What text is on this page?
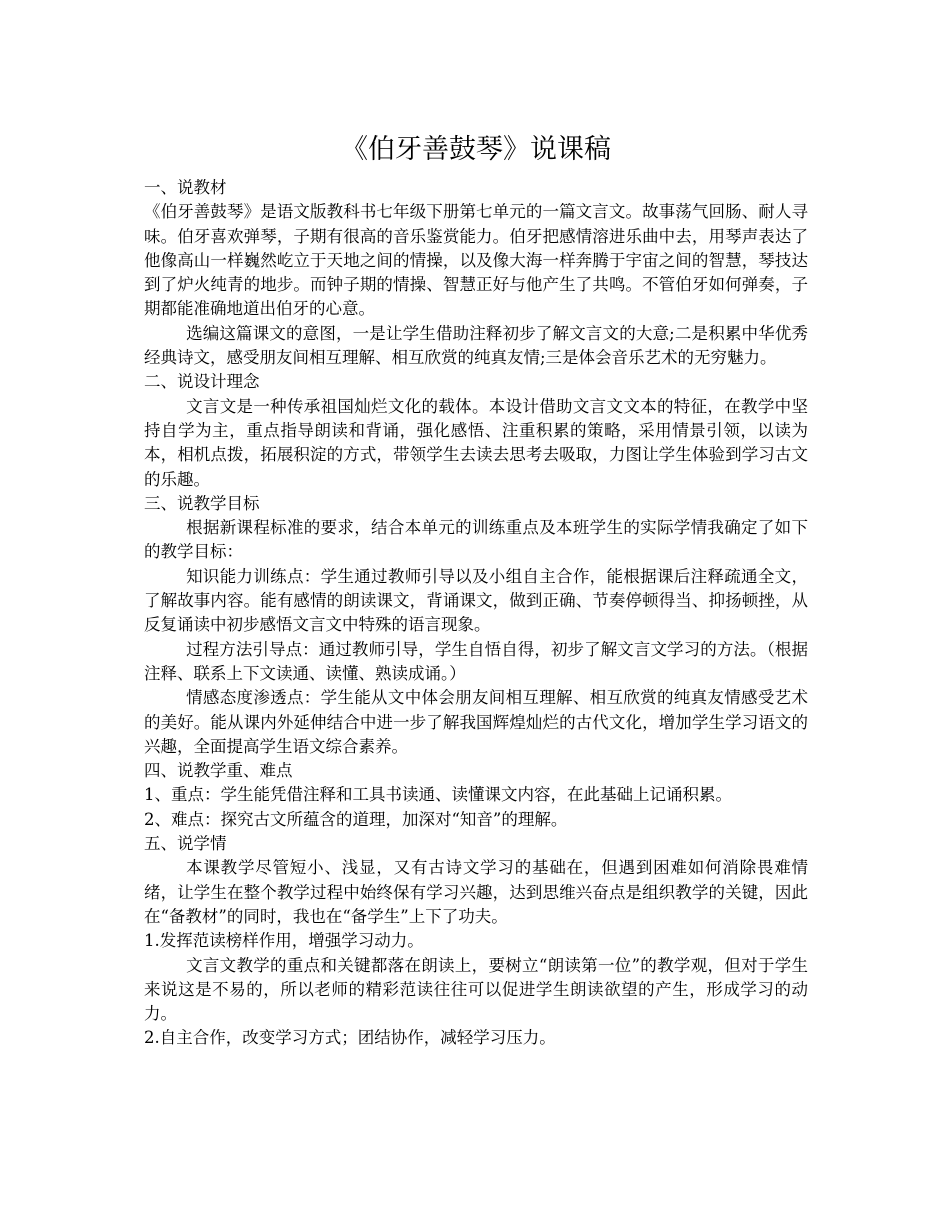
《伯牙善鼓琴》说课稿

一、说教材

《伯牙善鼓琴》是语文版教科书七年级下册第七单元的一篇文言文。故事荡气回肠、耐人寻味。伯牙喜欢弹琴，子期有很高的音乐鉴赏能力。伯牙把感情溶进乐曲中去，用琴声表达了他像高山一样巍然屹立于天地之间的情操，以及像大海一样奔腾于宇宙之间的智慧，琴技达到了炉火纯青的地步。而钟子期的情操、智慧正好与他产生了共鸣。不管伯牙如何弹奏，子期都能准确地道出伯牙的心意。

选编这篇课文的意图，一是让学生借助注释初步了解文言文的大意;二是积累中华优秀经典诗文，感受朋友间相互理解、相互欣赏的纯真友情;三是体会音乐艺术的无穷魅力。

二、说设计理念

文言文是一种传承祖国灿烂文化的载体。本设计借助文言文文本的特征，在教学中坚持自学为主，重点指导朗读和背诵，强化感悟、注重积累的策略，采用情景引领，以读为本，相机点拨，拓展积淀的方式，带领学生去读去思考去吸取，力图让学生体验到学习古文的乐趣。

三、说教学目标

根据新课程标准的要求，结合本单元的训练重点及本班学生的实际学情我确定了如下的教学目标：

知识能力训练点：学生通过教师引导以及小组自主合作，能根据课后注释疏通全文，了解故事内容。能有感情的朗读课文，背诵课文，做到正确、节奏停顿得当、抑扬顿挫，从反复诵读中初步感悟文言文中特殊的语言现象。

过程方法引导点：通过教师引导，学生自悟自得，初步了解文言文学习的方法。（根据注释、联系上下文读通、读懂、熟读成诵。）

情感态度渗透点：学生能从文中体会朋友间相互理解、相互欣赏的纯真友情感受艺术的美好。能从课内外延伸结合中进一步了解我国辉煌灿烂的古代文化，增加学生学习语文的兴趣，全面提高学生语文综合素养。

四、说教学重、难点

1、重点：学生能凭借注释和工具书读通、读懂课文内容，在此基础上记诵积累。

2、难点：探究古文所蕴含的道理，加深对“知音”的理解。

五、说学情

本课教学尽管短小、浅显，又有古诗文学习的基础在，但遇到困难如何消除畏难情绪，让学生在整个教学过程中始终保有学习兴趣，达到思维兴奋点是组织教学的关键，因此在“备教材”的同时，我也在“备学生”上下了功夫。

1.发挥范读榜样作用，增强学习动力。

文言文教学的重点和关键都落在朗读上，要树立“朗读第一位”的教学观，但对于学生来说这是不易的，所以老师的精彩范读往往可以促进学生朗读欲望的产生，形成学习的动力。

2.自主合作，改变学习方式；团结协作，减轻学习压力。
